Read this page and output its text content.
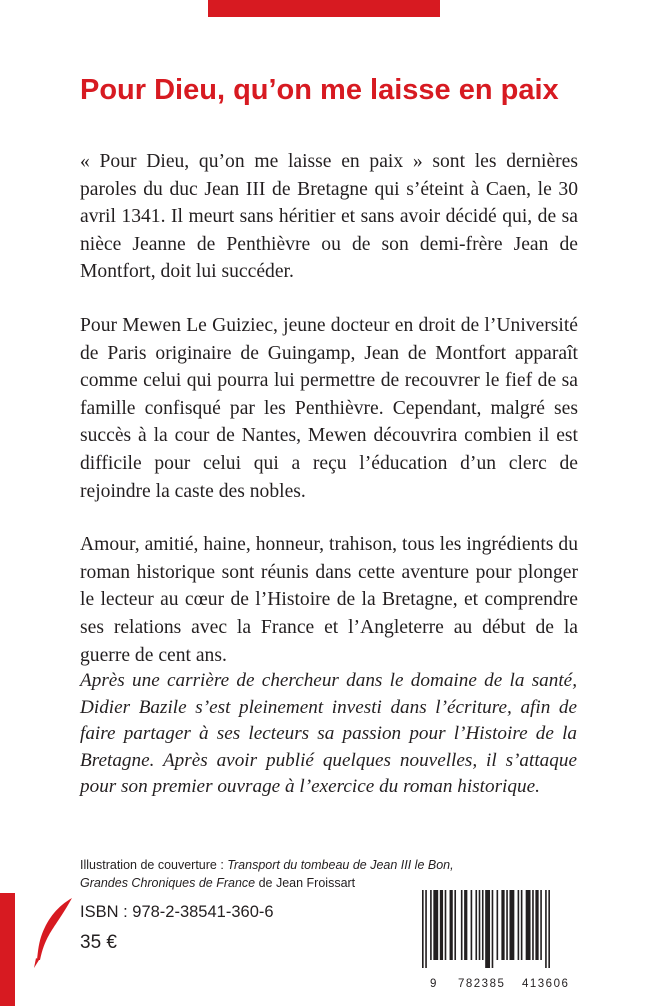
Pour Dieu, qu’on me laisse en paix

« Pour Dieu, qu’on me laisse en paix » sont les dernières paroles du duc Jean III de Bretagne qui s’éteint à Caen, le 30 avril 1341. Il meurt sans héritier et sans avoir décidé qui, de sa nièce Jeanne de Penthièvre ou de son demi-frère Jean de Montfort, doit lui succéder.

Pour Mewen Le Guiziec, jeune docteur en droit de l’Université de Paris originaire de Guingamp, Jean de Montfort apparaît comme celui qui pourra lui permettre de recouvrer le fief de sa famille confisqué par les Penthièvre. Cependant, malgré ses succès à la cour de Nantes, Mewen découvrira combien il est difficile pour celui qui a reçu l’éducation d’un clerc de rejoindre la caste des nobles.

Amour, amitié, haine, honneur, trahison, tous les ingrédients du roman historique sont réunis dans cette aventure pour plonger le lecteur au cœur de l’Histoire de la Bretagne, et comprendre ses relations avec la France et l’Angleterre au début de la guerre de cent ans.

Après une carrière de chercheur dans le domaine de la santé, Didier Bazile s’est pleinement investi dans l’écriture, afin de faire partager à ses lecteurs sa passion pour l’Histoire de la Bretagne. Après avoir publié quelques nouvelles, il s’attaque pour son premier ouvrage à l’exercice du roman historique.

Illustration de couverture : Transport du tombeau de Jean III le Bon, Grandes Chroniques de France de Jean Froissart
ISBN : 978-2-38541-360-6
35 €
9 782385 413606
